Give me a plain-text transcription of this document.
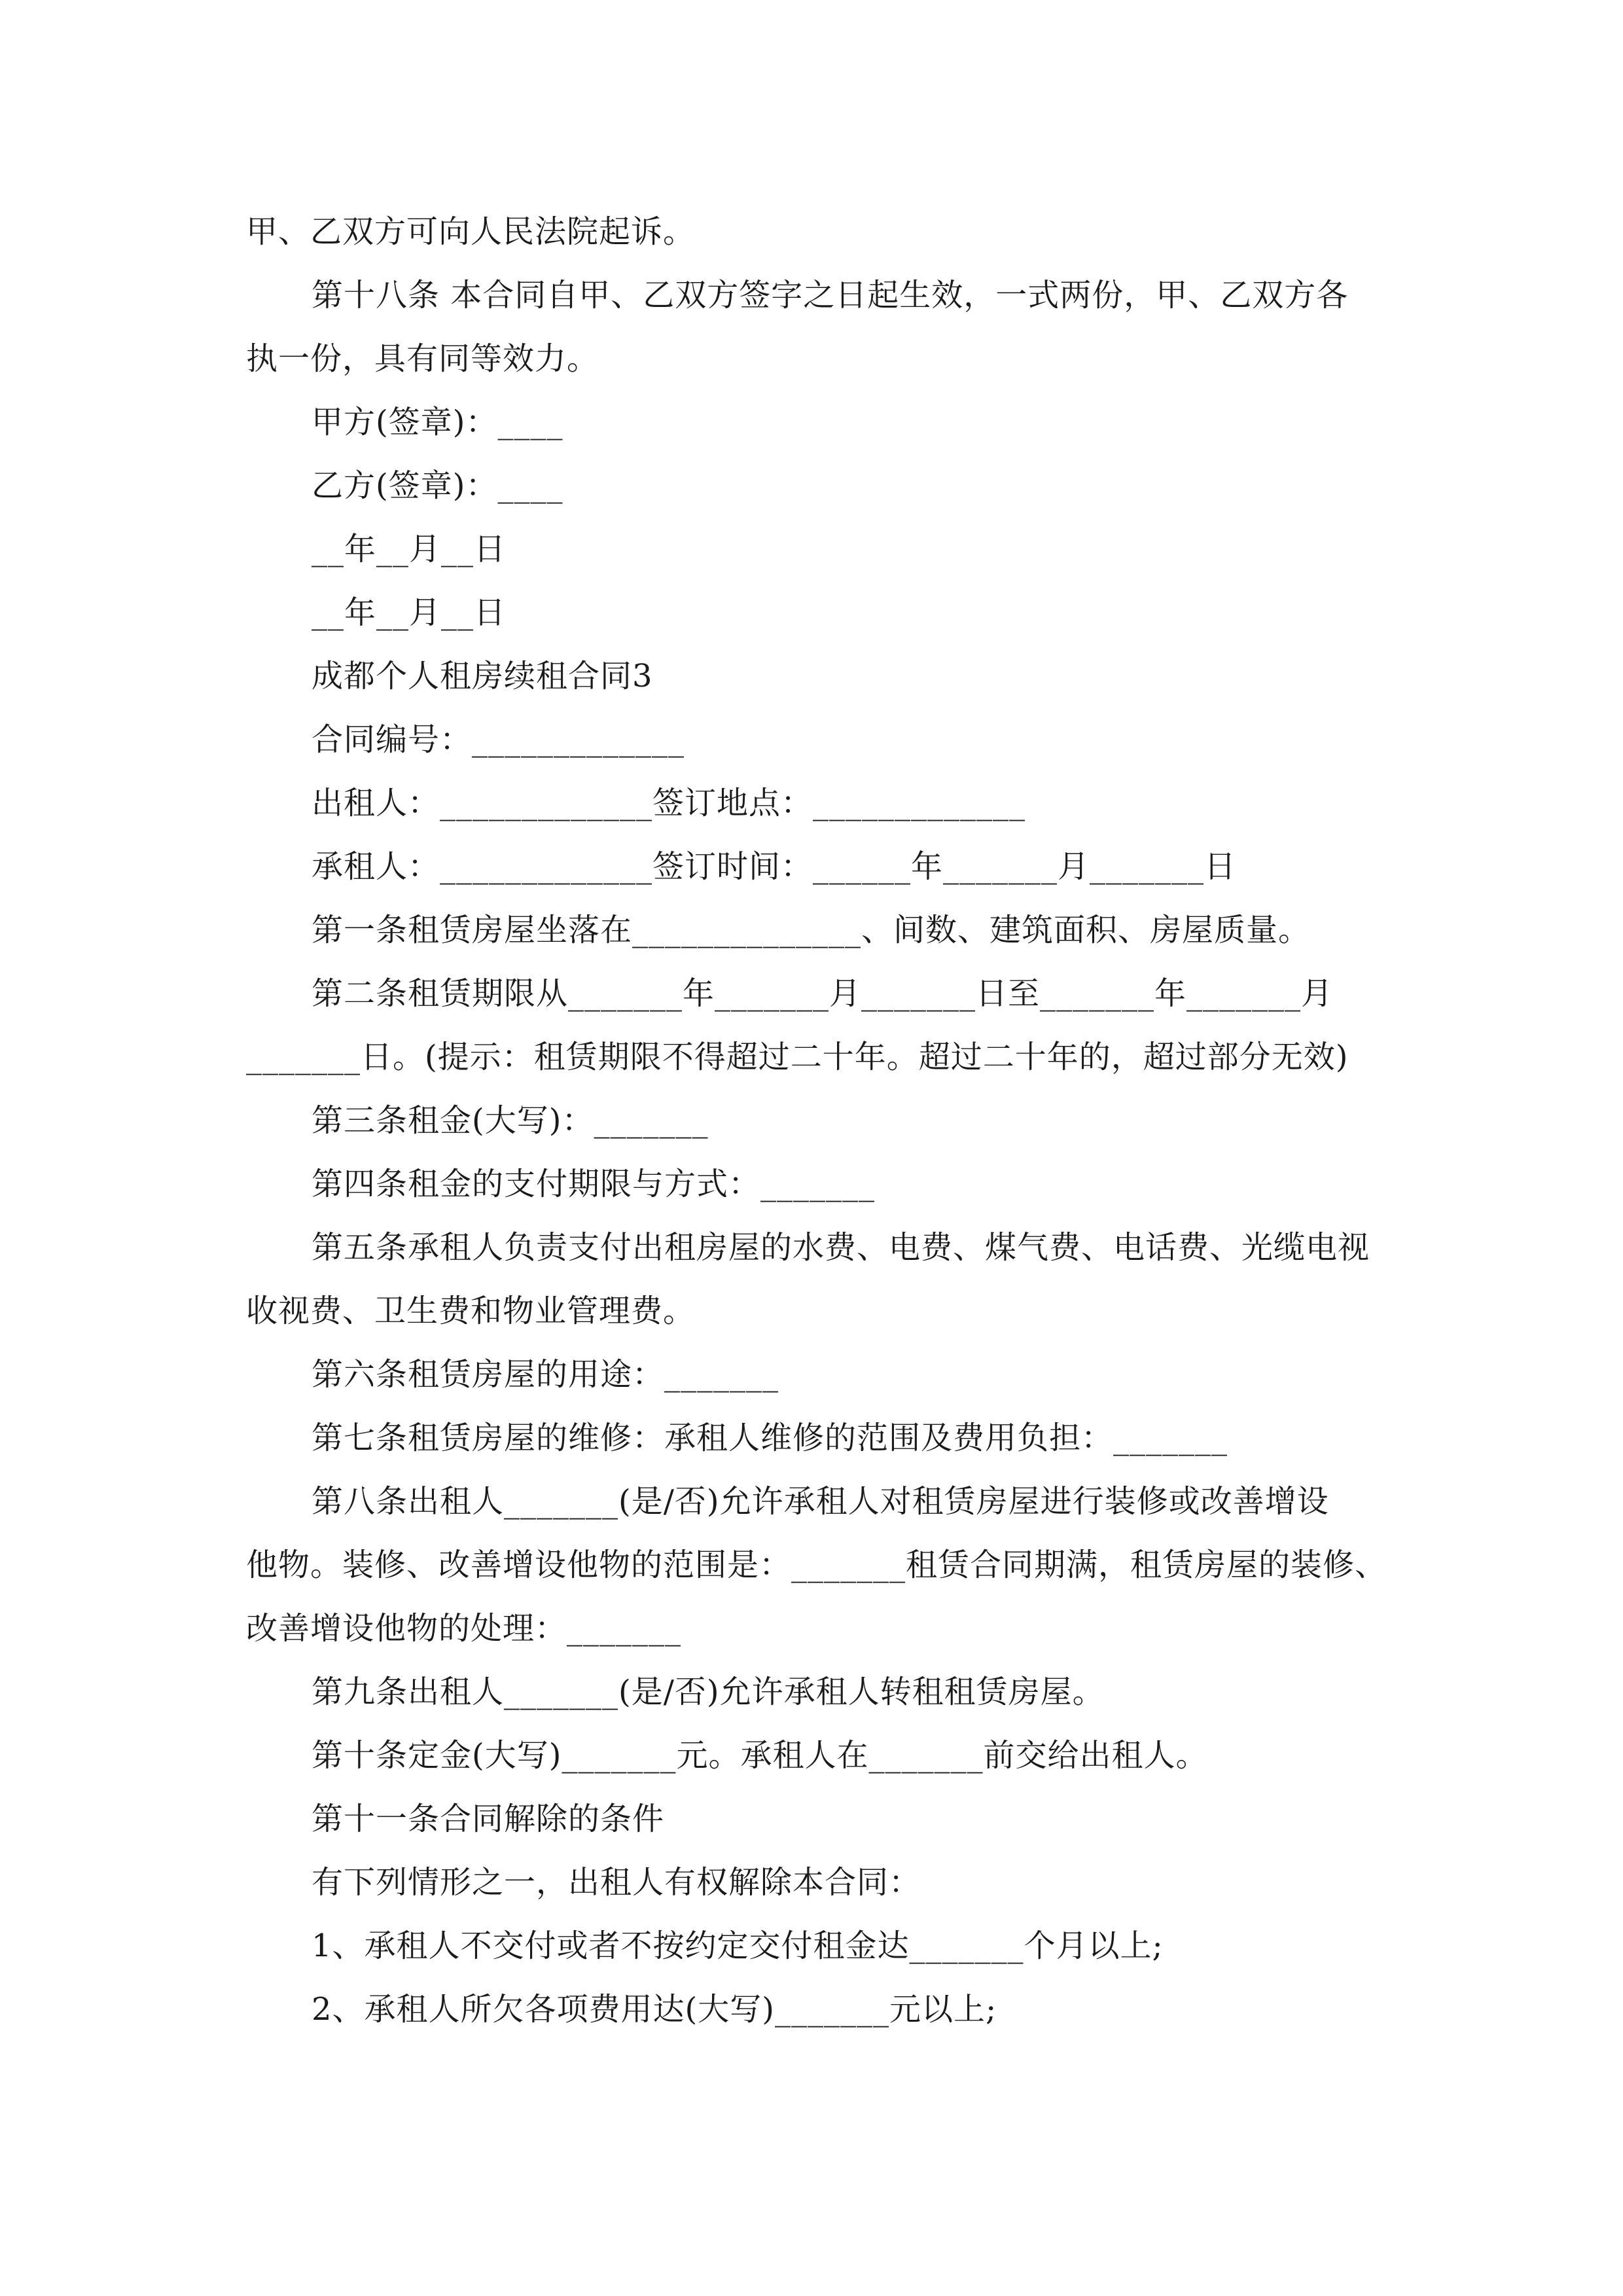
甲、乙双方可向人民法院起诉。

第十八条 本合同自甲、乙双方签字之日起生效，一式两份，甲、乙双方各

执一份，具有同等效力。

甲方(签章)：____

乙方(签章)：____

__年__月__日

__年__月__日

成都个人租房续租合同3

合同编号：_____________

出租人：_____________签订地点：_____________

承租人：_____________签订时间：______年_______月_______日

第一条租赁房屋坐落在______________、间数、建筑面积、房屋质量。

第二条租赁期限从_______年_______月_______日至_______年_______月

_______日。(提示：租赁期限不得超过二十年。超过二十年的，超过部分无效)

第三条租金(大写)：_______

第四条租金的支付期限与方式：_______

第五条承租人负责支付出租房屋的水费、电费、煤气费、电话费、光缆电视

收视费、卫生费和物业管理费。

第六条租赁房屋的用途：_______

第七条租赁房屋的维修：承租人维修的范围及费用负担：_______

第八条出租人_______(是/否)允许承租人对租赁房屋进行装修或改善增设

他物。装修、改善增设他物的范围是：_______租赁合同期满，租赁房屋的装修、

改善增设他物的处理：_______

第九条出租人_______(是/否)允许承租人转租租赁房屋。

第十条定金(大写)_______元。承租人在_______前交给出租人。

第十一条合同解除的条件

有下列情形之一，出租人有权解除本合同：

1、承租人不交付或者不按约定交付租金达_______个月以上;

2、承租人所欠各项费用达(大写)_______元以上;
